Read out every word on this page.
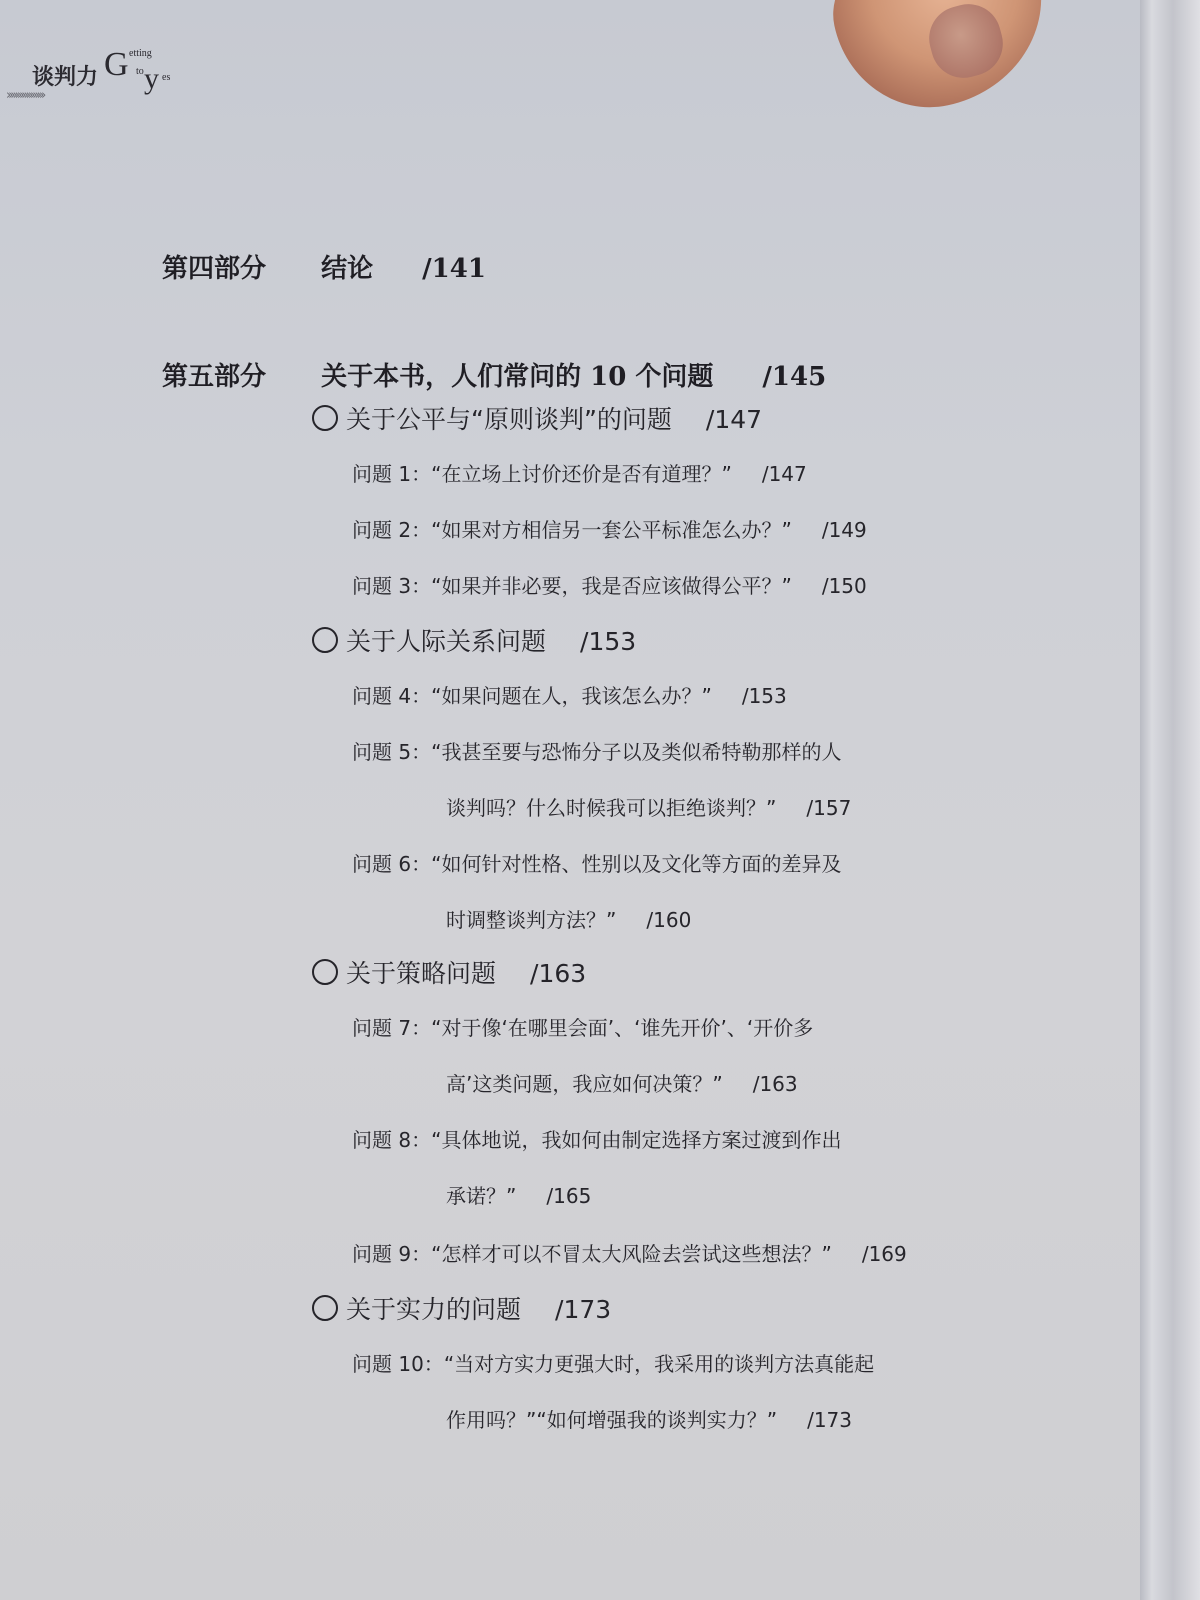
谈判力 G etting
to y es
›››››››››››››››››
第四部分 结论 /141
第五部分 关于本书，人们常问的 10 个问题 /145
关于公平与“原则谈判”的问题 /147
问题 1：“在立场上讨价还价是否有道理？” /147
问题 2：“如果对方相信另一套公平标准怎么办？” /149
问题 3：“如果并非必要，我是否应该做得公平？” /150
关于人际关系问题 /153
问题 4：“如果问题在人，我该怎么办？” /153
问题 5：“我甚至要与恐怖分子以及类似希特勒那样的人
谈判吗？什么时候我可以拒绝谈判？” /157
问题 6：“如何针对性格、性别以及文化等方面的差异及
时调整谈判方法？” /160
关于策略问题 /163
问题 7：“对于像‘在哪里会面’、‘谁先开价’、‘开价多
高’这类问题，我应如何决策？” /163
问题 8：“具体地说，我如何由制定选择方案过渡到作出
承诺？” /165
问题 9：“怎样才可以不冒太大风险去尝试这些想法？” /169
关于实力的问题 /173
问题 10：“当对方实力更强大时，我采用的谈判方法真能起
作用吗？”“如何增强我的谈判实力？” /173
